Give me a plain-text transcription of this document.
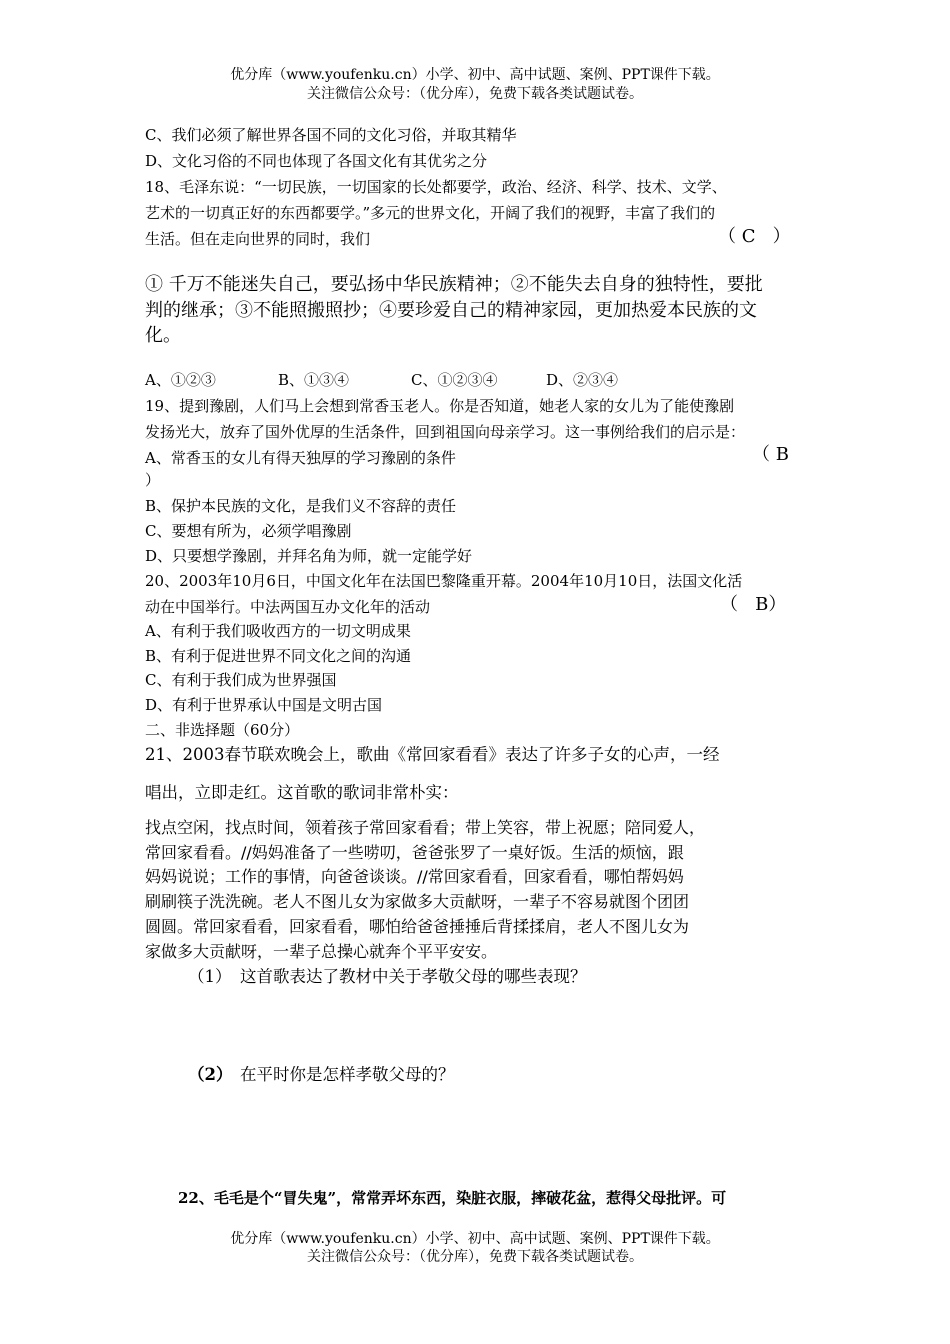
优分库（www.youfenku.cn）小学、初中、高中试题、案例、PPT课件下载。
关注微信公众号：（优分库），免费下载各类试题试卷。
C、我们必须了解世界各国不同的文化习俗，并取其精华
D、文化习俗的不同也体现了各国文化有其优劣之分
18、毛泽东说：“一切民族，一切国家的长处都要学，政治、经济、科学、技术、文学、
艺术的一切真正好的东西都要学。”多元的世界文化，开阔了我们的视野，丰富了我们的
生活。但在走向世界的同时，我们	（ C   ）
① 千万不能迷失自己，要弘扬中华民族精神；②不能失去自身的独特性，要批
判的继承；③不能照搬照抄；④要珍爱自己的精神家园，更加热爱本民族的文
化。
A、①②③	B、①③④	C、①②③④	D、②③④
19、提到豫剧，人们马上会想到常香玉老人。你是否知道，她老人家的女儿为了能使豫剧
发扬光大，放弃了国外优厚的生活条件，回到祖国向母亲学习。这一事例给我们的启示是：
A、常香玉的女儿有得天独厚的学习豫剧的条件	（ B
）
B、保护本民族的文化，是我们义不容辞的责任
C、要想有所为，必须学唱豫剧
D、只要想学豫剧，并拜名角为师，就一定能学好
20、2003年10月6日，中国文化年在法国巴黎隆重开幕。2004年10月10日，法国文化活
动在中国举行。中法两国互办文化年的活动	（   B）
A、有利于我们吸收西方的一切文明成果
B、有利于促进世界不同文化之间的沟通
C、有利于我们成为世界强国
D、有利于世界承认中国是文明古国
二、非选择题（60分）
21、2003春节联欢晚会上，歌曲《常回家看看》表达了许多子女的心声，一经
唱出，立即走红。这首歌的歌词非常朴实：
找点空闲，找点时间，领着孩子常回家看看；带上笑容，带上祝愿；陪同爱人，
常回家看看。//妈妈准备了一些唠叨，爸爸张罗了一桌好饭。生活的烦恼，跟
妈妈说说；工作的事情，向爸爸谈谈。//常回家看看，回家看看，哪怕帮妈妈
刷刷筷子洗洗碗。老人不图儿女为家做多大贡献呀，一辈子不容易就图个团团
圆圆。常回家看看，回家看看，哪怕给爸爸捶捶后背揉揉肩，老人不图儿女为
家做多大贡献呀，一辈子总操心就奔个平平安安。
（1） 这首歌表达了教材中关于孝敬父母的哪些表现？
（2） 在平时你是怎样孝敬父母的？
22、毛毛是个“冒失鬼”，常常弄坏东西，染脏衣服，摔破花盆，惹得父母批评。可
优分库（www.youfenku.cn）小学、初中、高中试题、案例、PPT课件下载。
关注微信公众号：（优分库），免费下载各类试题试卷。
